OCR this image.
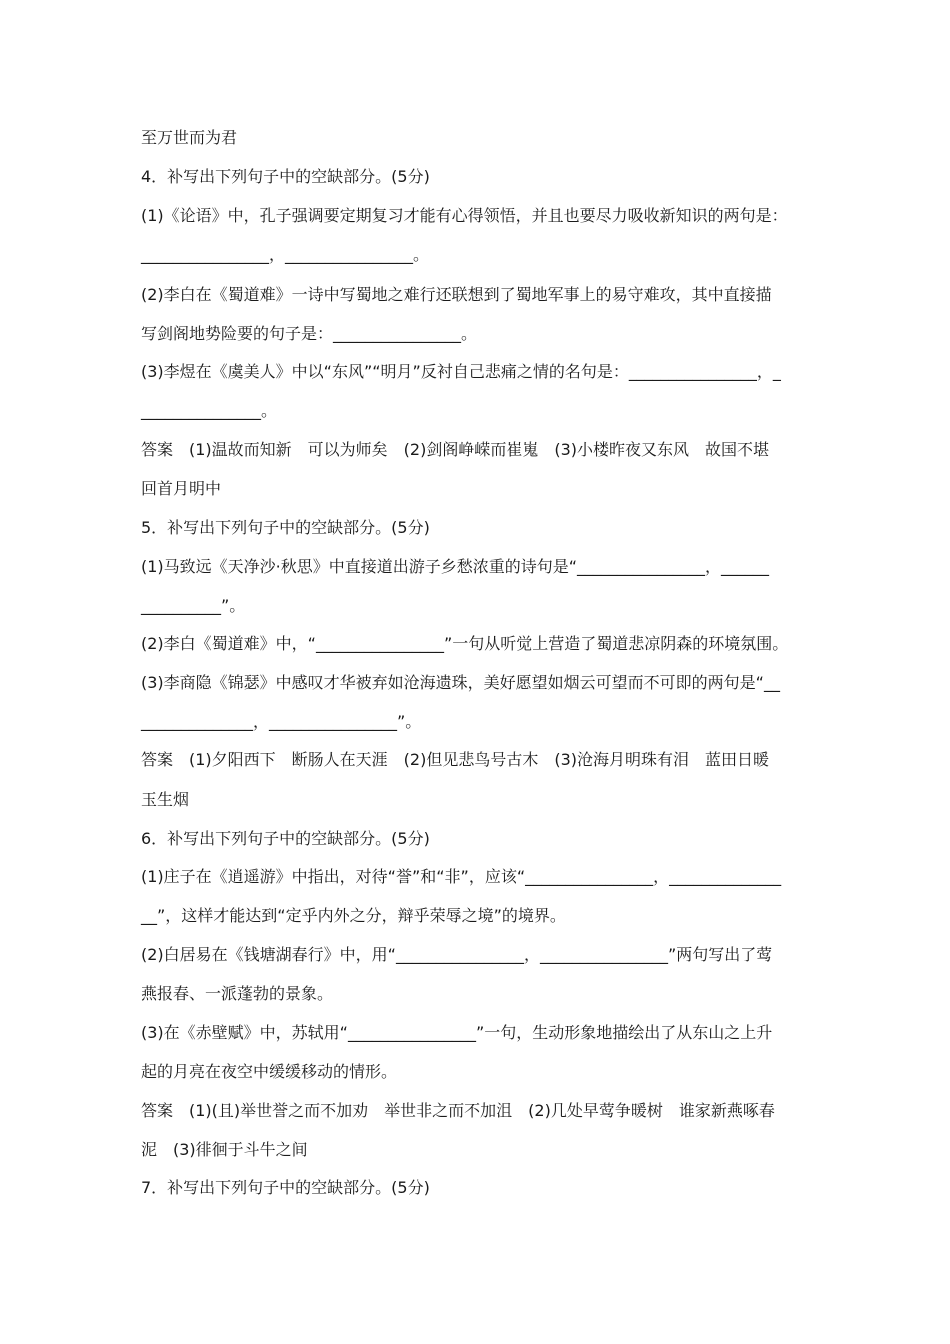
至万世而为君
4．补写出下列句子中的空缺部分。(5分)
(1)《论语》中，孔子强调要定期复习才能有心得领悟，并且也要尽力吸收新知识的两句是：
________________，________________。
(2)李白在《蜀道难》一诗中写蜀地之难行还联想到了蜀地军事上的易守难攻，其中直接描
写剑阁地势险要的句子是：________________。
(3)李煜在《虞美人》中以“东风”“明月”反衬自己悲痛之情的名句是：________________，_
_______________。
答案　(1)温故而知新　可以为师矣　(2)剑阁峥嵘而崔嵬　(3)小楼昨夜又东风　故国不堪
回首月明中
5．补写出下列句子中的空缺部分。(5分)
(1)马致远《天净沙·秋思》中直接道出游子乡愁浓重的诗句是“________________，______
__________”。
(2)李白《蜀道难》中，“________________”一句从听觉上营造了蜀道悲凉阴森的环境氛围。
(3)李商隐《锦瑟》中感叹才华被弃如沧海遗珠，美好愿望如烟云可望而不可即的两句是“__
______________，________________”。
答案　(1)夕阳西下　断肠人在天涯　(2)但见悲鸟号古木　(3)沧海月明珠有泪　蓝田日暖
玉生烟
6．补写出下列句子中的空缺部分。(5分)
(1)庄子在《逍遥游》中指出，对待“誉”和“非”，应该“________________，______________
__”，这样才能达到“定乎内外之分，辩乎荣辱之境”的境界。
(2)白居易在《钱塘湖春行》中，用“________________，________________”两句写出了莺
燕报春、一派蓬勃的景象。
(3)在《赤壁赋》中，苏轼用“________________”一句，生动形象地描绘出了从东山之上升
起的月亮在夜空中缓缓移动的情形。
答案　(1)(且)举世誉之而不加劝　举世非之而不加沮　(2)几处早莺争暖树　谁家新燕啄春
泥　(3)徘徊于斗牛之间
7．补写出下列句子中的空缺部分。(5分)
